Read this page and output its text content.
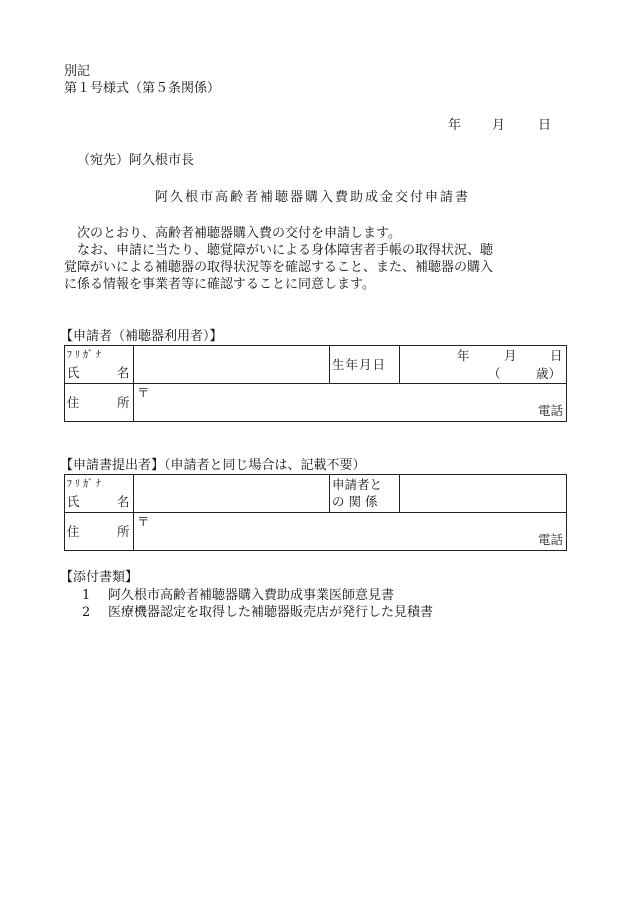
別記
第１号様式（第５条関係）
年 月	日
（宛先）阿久根市長
阿久根市高齢者補聴器購入費助成金交付申請書
次のとおり、高齢者補聴器購入費の交付を申請します。
なお、申請に当たり、聴覚障がいによる身体障害者手帳の取得状況、聴
覚障がいによる補聴器の取得状況等を確認すること、また、補聴器の購入
に係る情報を事業者等に確認することに同意します。
【申請者（補聴器利用者）】
ﾌﾘｶﾞﾅ
氏 名		生年月日	年 月 日
（ 歳）

住 所	〒
電話		
【申請書提出者】（申請者と同じ場合は、記載不要）
ﾌﾘｶﾞﾅ
氏 名		申請者と
の 関 係	

住 所	〒
電話		
【添付書類】
1 阿久根市高齢者補聴器購入費助成事業医師意見書
2 医療機器認定を取得した補聴器販売店が発行した見積書
